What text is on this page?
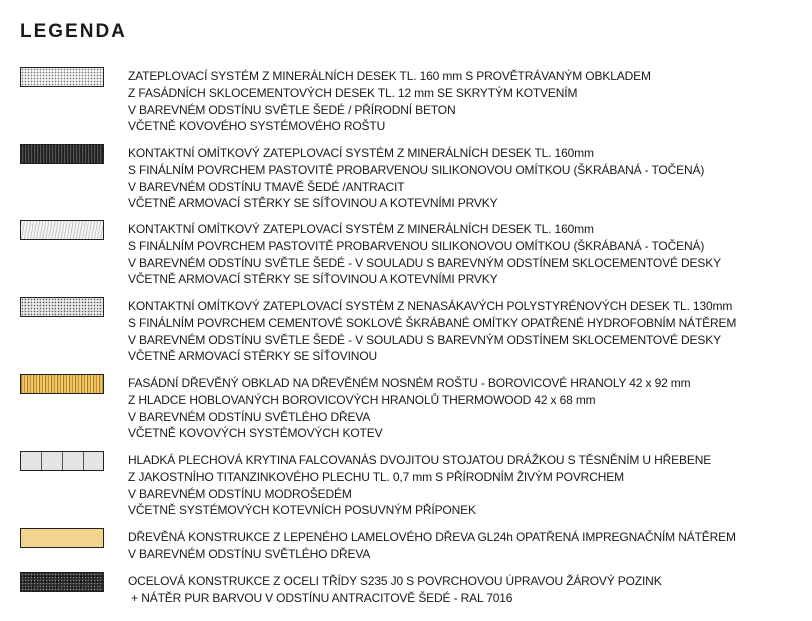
LEGENDA
ZATEPLOVACÍ SYSTÉM Z MINERÁLNÍCH DESEK TL. 160 mm S PROVĚTRÁVANÝM OBKLADEM
Z FASÁDNÍCH SKLOCEMENTOVÝCH DESEK TL. 12 mm SE SKRYTÝM KOTVENÍM
V BAREVNÉM ODSTÍNU SVĚTLE ŠEDÉ / PŘÍRODNÍ BETON
VČETNĚ KOVOVÉHO SYSTÉMOVÉHO ROŠTU
KONTAKTNÍ OMÍTKOVÝ ZATEPLOVACÍ SYSTÉM Z MINERÁLNÍCH DESEK TL. 160mm
S FINÁLNÍM POVRCHEM PASTOVITĚ PROBARVENOU SILIKONOVOU OMÍTKOU (ŠKRÁBANÁ - TOČENÁ)
V BAREVNÉM ODSTÍNU TMAVĚ ŠEDÉ /ANTRACIT
VČETNĚ ARMOVACÍ STĚRKY SE SÍŤOVINOU A KOTEVNÍMI PRVKY
KONTAKTNÍ OMÍTKOVÝ ZATEPLOVACÍ SYSTÉM Z MINERÁLNÍCH DESEK TL. 160mm
S FINÁLNÍM POVRCHEM PASTOVITĚ PROBARVENOU SILIKONOVOU OMÍTKOU (ŠKRÁBANÁ - TOČENÁ)
V BAREVNÉM ODSTÍNU SVĚTLE ŠEDÉ - V SOULADU S BAREVNÝM ODSTÍNEM SKLOCEMENTOVÉ DESKY
VČETNĚ ARMOVACÍ STĚRKY SE SÍŤOVINOU A KOTEVNÍMI PRVKY
KONTAKTNÍ OMÍTKOVÝ ZATEPLOVACÍ SYSTÉM Z NENASÁKAVÝCH POLYSTYRÉNOVÝCH DESEK TL. 130mm
S FINÁLNÍM POVRCHEM CEMENTOVÉ SOKLOVÉ ŠKRÁBANÉ OMÍTKY OPATŘENÉ HYDROFOBNÍM NÁTĚREM
V BAREVNÉM ODSTÍNU SVĚTLE ŠEDÉ - V SOULADU S BAREVNÝM ODSTÍNEM SKLOCEMENTOVÉ DESKY
VČETNĚ ARMOVACÍ STĚRKY SE SÍŤOVINOU
FASÁDNÍ DŘEVĚNÝ OBKLAD NA DŘEVĚNÉM NOSNÉM ROŠTU - BOROVICOVÉ HRANOLY 42 x 92 mm
Z HLADCE HOBLOVANÝCH BOROVICOVÝCH HRANOLŮ THERMOWOOD 42 x 68 mm
V BAREVNÉM ODSTÍNU SVĚTLÉHO DŘEVA
VČETNĚ KOVOVÝCH SYSTÉMOVÝCH KOTEV
HLADKÁ PLECHOVÁ KRYTINA FALCOVANÁS DVOJITOU STOJATOU DRÁŽKOU S TĚSNĚNÍM U HŘEBENE
Z JAKOSTNÍHO TITANZINKOVÉHO PLECHU TL. 0,7 mm S PŘÍRODNÍM ŽIVÝM POVRCHEM
V BAREVNÉM ODSTÍNU MODROŠEDÉM
VČETNĚ SYSTÉMOVÝCH KOTEVNÍCH POSUVNÝM PŘÍPONEK
DŘEVĚNÁ KONSTRUKCE Z LEPENÉHO LAMELOVÉHO DŘEVA GL24h OPATŘENÁ IMPREGNAČNÍM NÁTĚREM
V BAREVNÉM ODSTÍNU SVĚTLÉHO DŘEVA
OCELOVÁ KONSTRUKCE Z OCELI TŘÍDY S235 J0 S POVRCHOVOU ÚPRAVOU ŽÁROVÝ POZINK
+ NÁTĚR PUR BARVOU V ODSTÍNU ANTRACITOVĚ ŠEDÉ - RAL 7016
